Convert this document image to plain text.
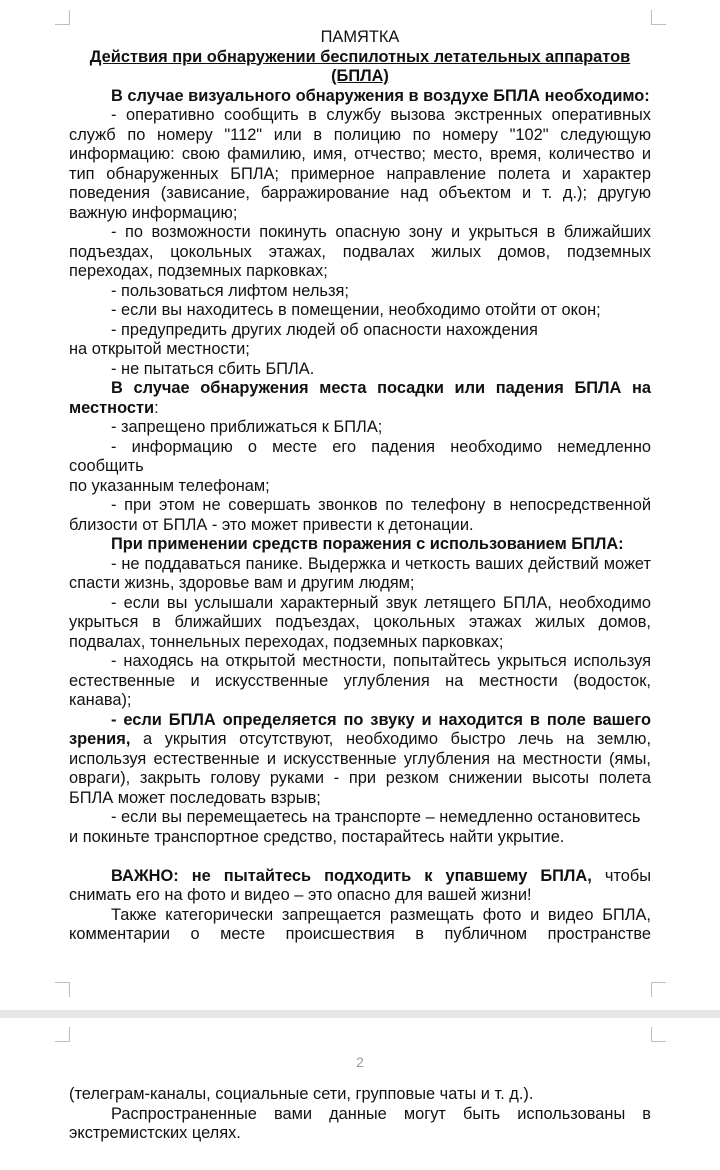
ПАМЯТКА

Действия при обнаружении беспилотных летательных аппаратов

(БПЛА)

В случае визуального обнаружения в воздухе БПЛА необходимо:

- оперативно сообщить в службу вызова экстренных оперативных служб по номеру "112" или в полицию по номеру "102" следующую информацию: свою фамилию, имя, отчество; место, время, количество и тип обнаруженных БПЛА; примерное направление полета и характер поведения (зависание, барражирование над объектом и т. д.); другую важную информацию;

- по возможности покинуть опасную зону и укрыться в ближайших подъездах, цокольных этажах, подвалах жилых домов, подземных переходах, подземных парковках;

- пользоваться лифтом нельзя;

- если вы находитесь в помещении, необходимо отойти от окон;

- предупредить других людей об опасности нахождения

на открытой местности;

- не пытаться сбить БПЛА.

В случае обнаружения места посадки или падения БПЛА на местности:

- запрещено приближаться к БПЛА;

- информацию о месте его падения необходимо немедленно сообщить

по указанным телефонам;

- при этом не совершать звонков по телефону в непосредственной близости от БПЛА - это может привести к детонации.

При применении средств поражения с использованием БПЛА:

- не поддаваться панике. Выдержка и четкость ваших действий может спасти жизнь, здоровье вам и другим людям;

- если вы услышали характерный звук летящего БПЛА, необходимо укрыться в ближайших подъездах, цокольных этажах жилых домов, подвалах, тоннельных переходах, подземных парковках;

- находясь на открытой местности, попытайтесь укрыться используя естественные и искусственные углубления на местности (водосток, канава);

- если БПЛА определяется по звуку и находится в поле вашего зрения, а укрытия отсутствуют, необходимо быстро лечь на землю, используя естественные и искусственные углубления на местности (ямы, овраги), закрыть голову руками - при резком снижении высоты полета БПЛА может последовать взрыв;

- если вы перемещаетесь на транспорте – немедленно остановитесь

и покиньте транспортное средство, постарайтесь найти укрытие.

ВАЖНО: не пытайтесь подходить к упавшему БПЛА, чтобы снимать его на фото и видео – это опасно для вашей жизни!

Также категорически запрещается размещать фото и видео БПЛА, комментарии о месте происшествия в публичном пространстве

2

(телеграм-каналы, социальные сети, групповые чаты и т. д.).

Распространенные вами данные могут быть использованы в экстремистских целях.
